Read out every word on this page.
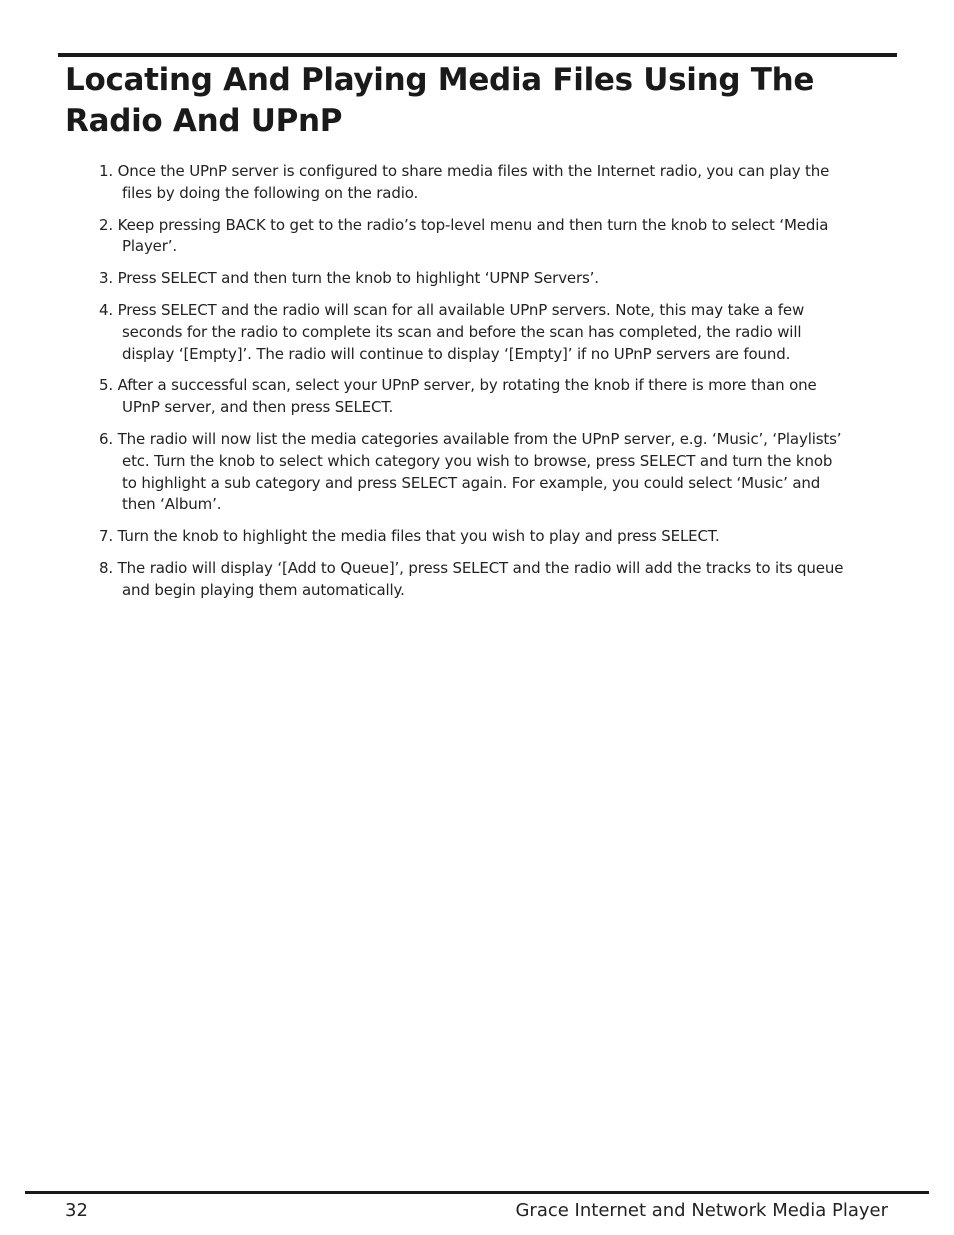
Locating And Playing Media Files Using The Radio And UPnP
1. Once the UPnP server is configured to share media files with the Internet radio, you can play the files by doing the following on the radio.
2. Keep pressing BACK to get to the radio’s top-level menu and then turn the knob to select ‘Media Player’.
3. Press SELECT and then turn the knob to highlight ‘UPNP Servers’.
4. Press SELECT and the radio will scan for all available UPnP servers. Note, this may take a few seconds for the radio to complete its scan and before the scan has completed, the radio will display ‘[Empty]’. The radio will continue to display ‘[Empty]’ if no UPnP servers are found.
5. After a successful scan, select your UPnP server, by rotating the knob if there is more than one UPnP server, and then press SELECT.
6. The radio will now list the media categories available from the UPnP server, e.g. ‘Music’, ‘Playlists’ etc. Turn the knob to select which category you wish to browse, press SELECT and turn the knob to highlight a sub category and press SELECT again. For example, you could select ‘Music’ and then ‘Album’.
7. Turn the knob to highlight the media files that you wish to play and press SELECT.
8. The radio will display ‘[Add to Queue]’, press SELECT and the radio will add the tracks to its queue and begin playing them automatically.
32	Grace Internet and Network Media Player
